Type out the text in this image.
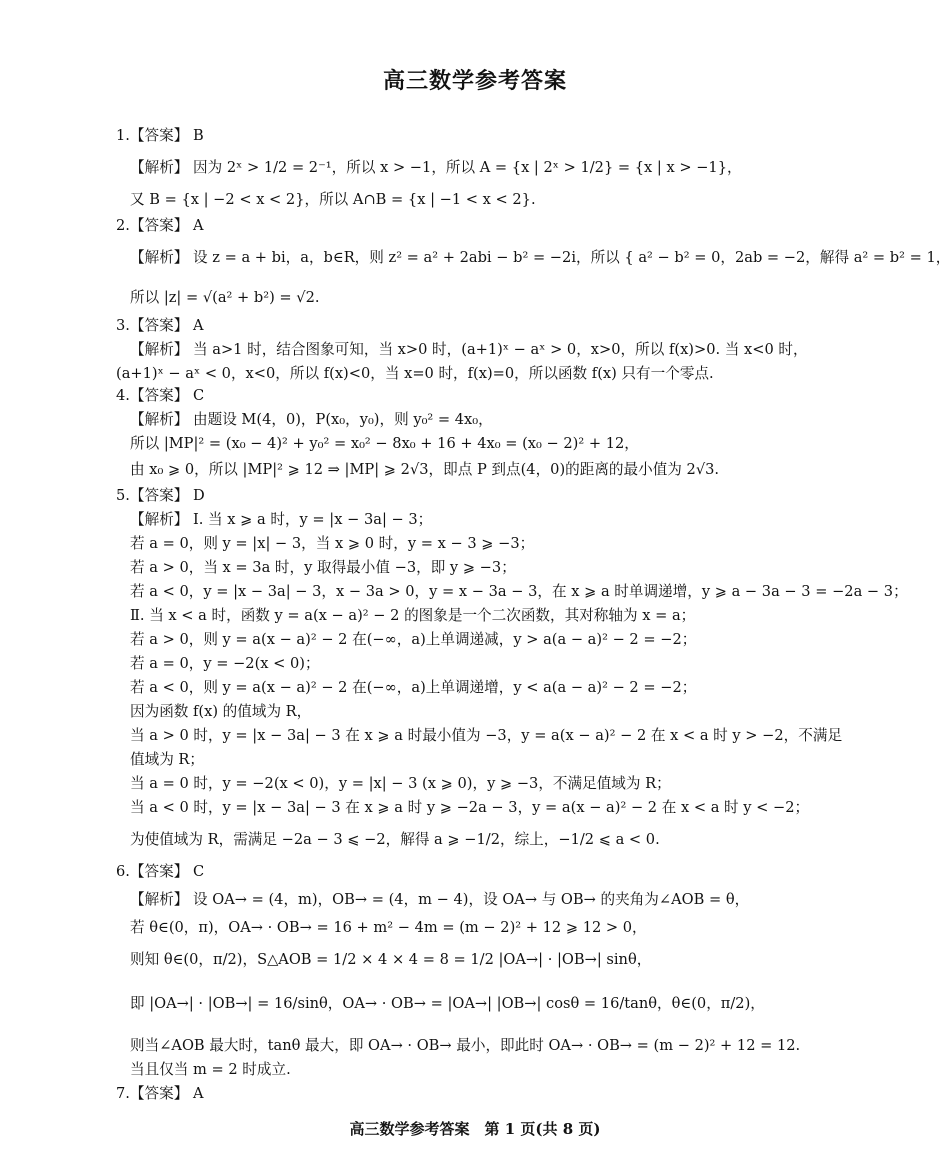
高三数学参考答案
1.【答案】 B
【解析】 因为 2ˣ > 1/2 = 2⁻¹，所以 x > −1，所以 A = {x | 2ˣ > 1/2} = {x | x > −1}，
又 B = {x | −2 < x < 2}，所以 A∩B = {x | −1 < x < 2}.
2.【答案】 A
【解析】 设 z = a + bi，a，b∈R，则 z² = a² + 2abi − b² = −2i，所以 { a² − b² = 0，2ab = −2，解得 a² = b² = 1，
所以 |z| = √(a² + b²) = √2.
3.【答案】 A
【解析】 当 a>1 时，结合图象可知，当 x>0 时，(a+1)ˣ − aˣ > 0，x>0，所以 f(x)>0. 当 x<0 时，
(a+1)ˣ − aˣ < 0，x<0，所以 f(x)<0，当 x=0 时，f(x)=0，所以函数 f(x) 只有一个零点.
4.【答案】 C
【解析】 由题设 M(4，0)，P(x₀，y₀)，则 y₀² = 4x₀，
所以 |MP|² = (x₀ − 4)² + y₀² = x₀² − 8x₀ + 16 + 4x₀ = (x₀ − 2)² + 12，
由 x₀ ⩾ 0，所以 |MP|² ⩾ 12 ⇒ |MP| ⩾ 2√3，即点 P 到点(4，0)的距离的最小值为 2√3.
5.【答案】 D
【解析】 Ⅰ. 当 x ⩾ a 时，y = |x − 3a| − 3；
若 a = 0，则 y = |x| − 3，当 x ⩾ 0 时，y = x − 3 ⩾ −3；
若 a > 0，当 x = 3a 时，y 取得最小值 −3，即 y ⩾ −3；
若 a < 0，y = |x − 3a| − 3，x − 3a > 0，y = x − 3a − 3，在 x ⩾ a 时单调递增，y ⩾ a − 3a − 3 = −2a − 3；
Ⅱ. 当 x < a 时，函数 y = a(x − a)² − 2 的图象是一个二次函数，其对称轴为 x = a；
若 a > 0，则 y = a(x − a)² − 2 在(−∞，a)上单调递减，y > a(a − a)² − 2 = −2；
若 a = 0，y = −2(x < 0)；
若 a < 0，则 y = a(x − a)² − 2 在(−∞，a)上单调递增，y < a(a − a)² − 2 = −2；
因为函数 f(x) 的值域为 R，
当 a > 0 时，y = |x − 3a| − 3 在 x ⩾ a 时最小值为 −3，y = a(x − a)² − 2 在 x < a 时 y > −2，不满足
值域为 R；
当 a = 0 时，y = −2(x < 0)，y = |x| − 3 (x ⩾ 0)，y ⩾ −3，不满足值域为 R；
当 a < 0 时，y = |x − 3a| − 3 在 x ⩾ a 时 y ⩾ −2a − 3，y = a(x − a)² − 2 在 x < a 时 y < −2；
为使值域为 R，需满足 −2a − 3 ⩽ −2，解得 a ⩾ −1/2，综上，−1/2 ⩽ a < 0.
6.【答案】 C
【解析】 设 OA→ = (4，m)，OB→ = (4，m − 4)，设 OA→ 与 OB→ 的夹角为∠AOB = θ，
若 θ∈(0，π)，OA→ · OB→ = 16 + m² − 4m = (m − 2)² + 12 ⩾ 12 > 0，
则知 θ∈(0，π/2)，S△AOB = 1/2 × 4 × 4 = 8 = 1/2 |OA→| · |OB→| sinθ，
即 |OA→| · |OB→| = 16/sinθ，OA→ · OB→ = |OA→| |OB→| cosθ = 16/tanθ，θ∈(0，π/2)，
则当∠AOB 最大时，tanθ 最大，即 OA→ · OB→ 最小，即此时 OA→ · OB→ = (m − 2)² + 12 = 12.
当且仅当 m = 2 时成立.
7.【答案】 A
高三数学参考答案　第 1 页(共 8 页)
